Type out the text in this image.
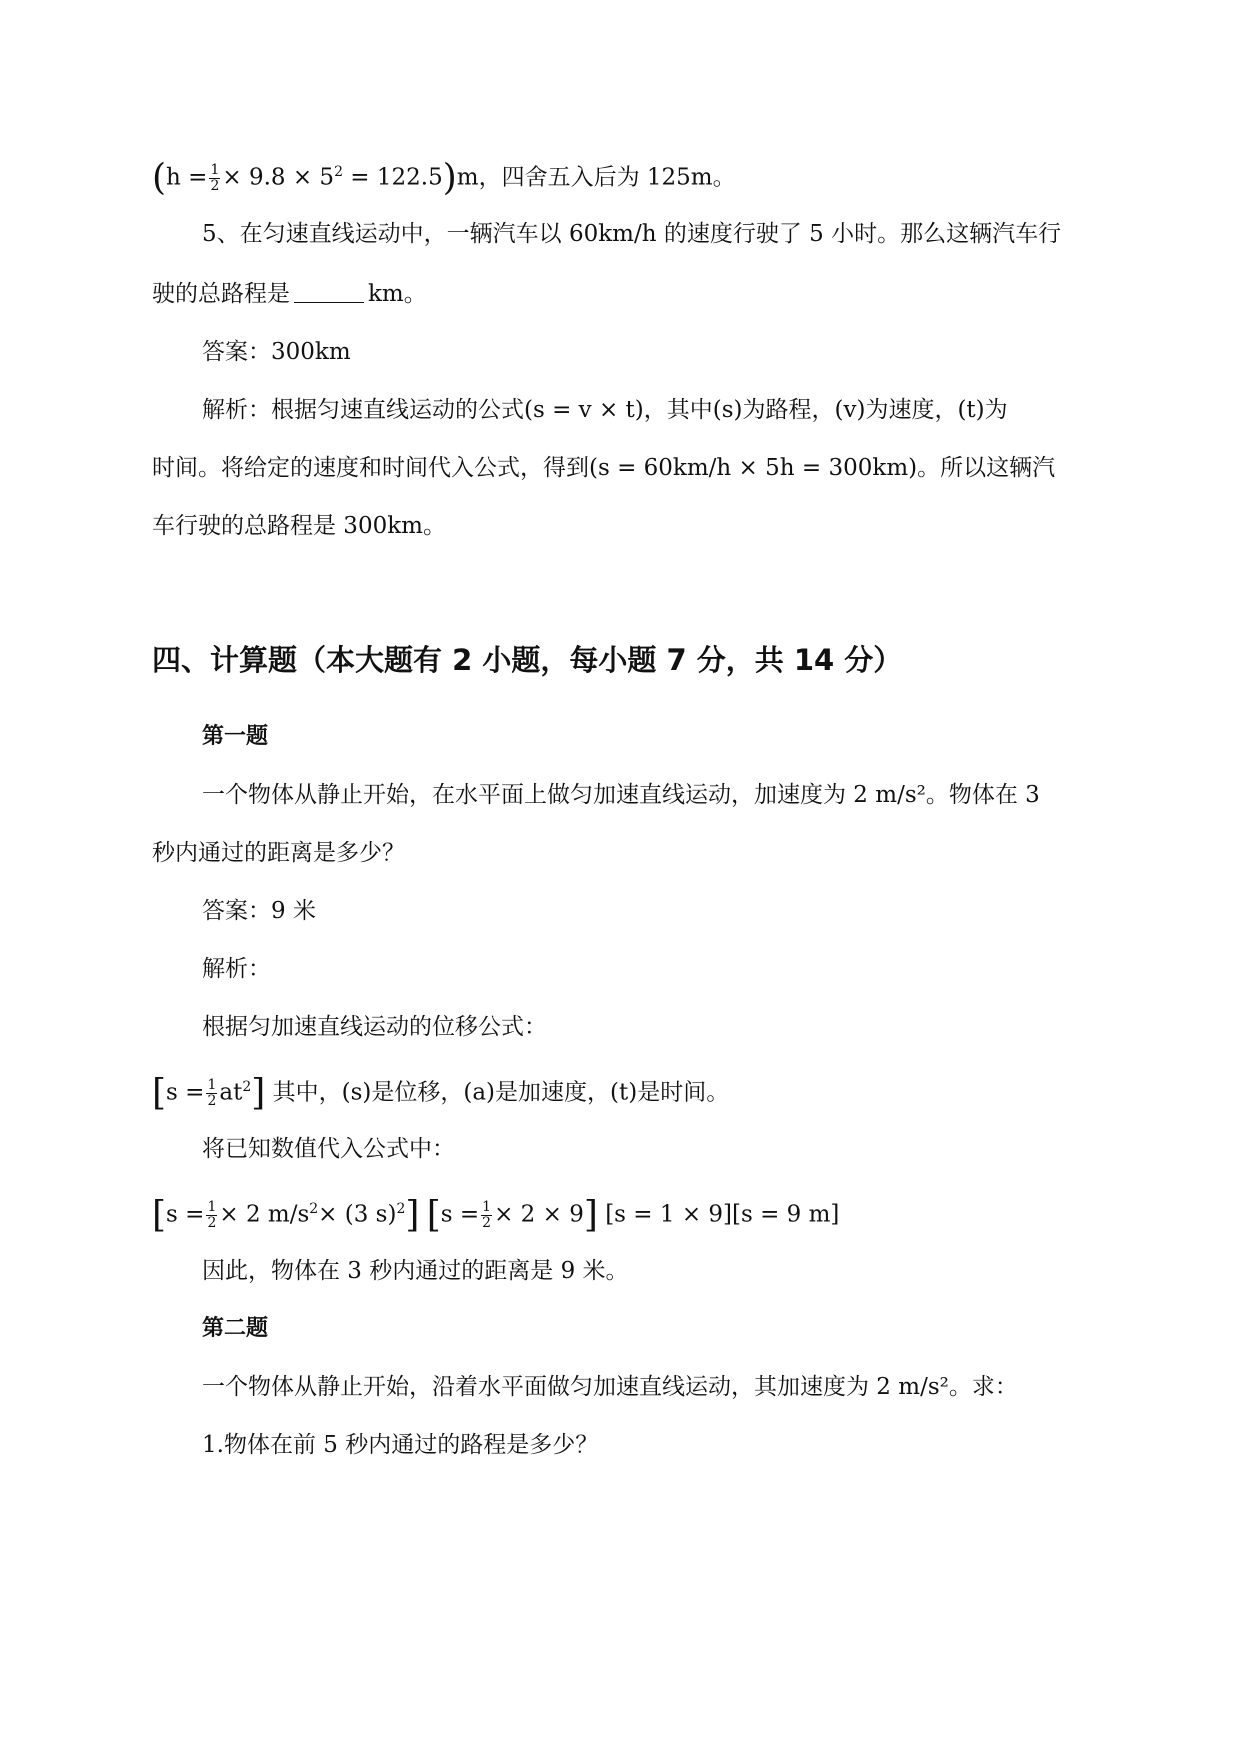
$(h = \frac{1}{2} \times 9.8 \times 5^2 = 122.5)m$，四舍五入后为 125m。
5、在匀速直线运动中，一辆汽车以 60km/h 的速度行驶了 5 小时。那么这辆汽车行
驶的总路程是	km。
答案：300km
解析：根据匀速直线运动的公式(s = v × t)，其中(s)为路程，(v)为速度，(t)为
时间。将给定的速度和时间代入公式，得到(s = 60km/h × 5h = 300km)。所以这辆汽
车行驶的总路程是 300km。
四、计算题（本大题有 2 小题，每小题 7 分，共 14 分）
第一题
一个物体从静止开始，在水平面上做匀加速直线运动，加速度为 2 m/s²。物体在 3
秒内通过的距离是多少？
答案：9 米
解析：
根据匀加速直线运动的位移公式：
$[s = \frac{1}{2} at^2]$ 其中，(s)是位移，(a)是加速度，(t)是时间。
将已知数值代入公式中：
[$s = \frac{1}{2} \times 2$ $m/s^2\times (3$ s)$^2$] $[s = \frac{1}{2} \times 2 \times 9]$ [s = 1 × 9][s = 9 m]
因此，物体在 3 秒内通过的距离是 9 米。
第二题
一个物体从静止开始，沿着水平面做匀加速直线运动，其加速度为 2 m/s²。求：
1.物体在前 5 秒内通过的路程是多少？
